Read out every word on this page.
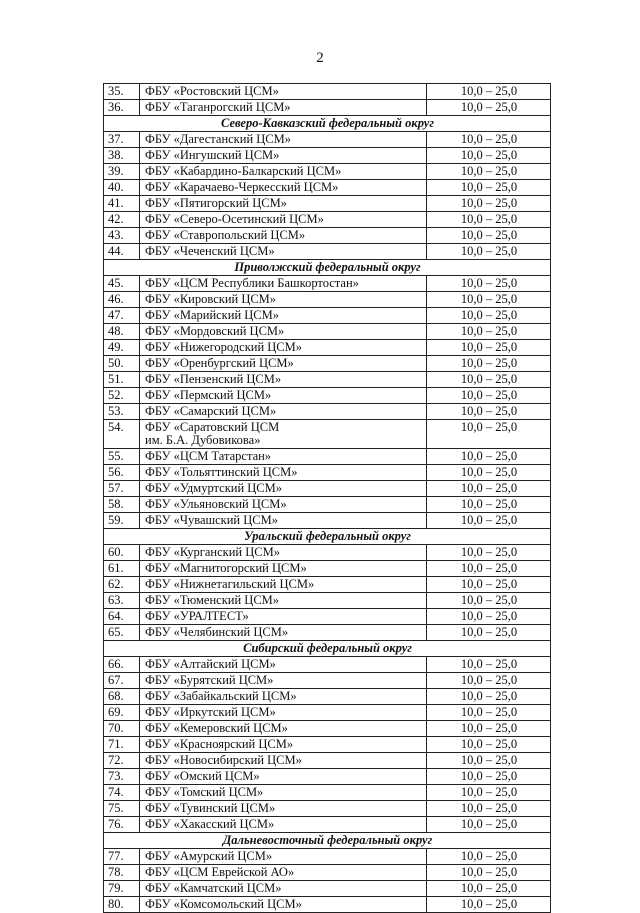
2
35.	ФБУ «Ростовский ЦСМ»	10,0 – 25,0
36.	ФБУ «Таганрогский ЦСМ»	10,0 – 25,0
Северо-Кавказский федеральный округ		
37.	ФБУ «Дагестанский ЦСМ»	10,0 – 25,0
38.	ФБУ «Ингушский ЦСМ»	10,0 – 25,0
39.	ФБУ «Кабардино-Балкарский ЦСМ»	10,0 – 25,0
40.	ФБУ «Карачаево-Черкесский ЦСМ»	10,0 – 25,0
41.	ФБУ «Пятигорский ЦСМ»	10,0 – 25,0
42.	ФБУ «Северо-Осетинский ЦСМ»	10,0 – 25,0
43.	ФБУ «Ставропольский ЦСМ»	10,0 – 25,0
44.	ФБУ «Чеченский ЦСМ»	10,0 – 25,0
Приволжский федеральный округ		
45.	ФБУ «ЦСМ Республики Башкортостан»	10,0 – 25,0
46.	ФБУ «Кировский ЦСМ»	10,0 – 25,0
47.	ФБУ «Марийский ЦСМ»	10,0 – 25,0
48.	ФБУ «Мордовский ЦСМ»	10,0 – 25,0
49.	ФБУ «Нижегородский ЦСМ»	10,0 – 25,0
50.	ФБУ «Оренбургский ЦСМ»	10,0 – 25,0
51.	ФБУ «Пензенский ЦСМ»	10,0 – 25,0
52.	ФБУ «Пермский ЦСМ»	10,0 – 25,0
53.	ФБУ «Самарский ЦСМ»	10,0 – 25,0
54.	ФБУ «Саратовский ЦСМ
им. Б.А. Дубовикова»	10,0 – 25,0
55.	ФБУ «ЦСМ Татарстан»	10,0 – 25,0
56.	ФБУ «Тольяттинский ЦСМ»	10,0 – 25,0
57.	ФБУ «Удмуртский ЦСМ»	10,0 – 25,0
58.	ФБУ «Ульяновский ЦСМ»	10,0 – 25,0
59.	ФБУ «Чувашский ЦСМ»	10,0 – 25,0
Уральский федеральный округ		
60.	ФБУ «Курганский ЦСМ»	10,0 – 25,0
61.	ФБУ «Магнитогорский ЦСМ»	10,0 – 25,0
62.	ФБУ «Нижнетагильский ЦСМ»	10,0 – 25,0
63.	ФБУ «Тюменский ЦСМ»	10,0 – 25,0
64.	ФБУ «УРАЛТЕСТ»	10,0 – 25,0
65.	ФБУ «Челябинский ЦСМ»	10,0 – 25,0
Сибирский федеральный округ		
66.	ФБУ «Алтайский ЦСМ»	10,0 – 25,0
67.	ФБУ «Бурятский ЦСМ»	10,0 – 25,0
68.	ФБУ «Забайкальский ЦСМ»	10,0 – 25,0
69.	ФБУ «Иркутский ЦСМ»	10,0 – 25,0
70.	ФБУ «Кемеровский ЦСМ»	10,0 – 25,0
71.	ФБУ «Красноярский ЦСМ»	10,0 – 25,0
72.	ФБУ «Новосибирский ЦСМ»	10,0 – 25,0
73.	ФБУ «Омский ЦСМ»	10,0 – 25,0
74.	ФБУ «Томский ЦСМ»	10,0 – 25,0
75.	ФБУ «Тувинский ЦСМ»	10,0 – 25,0
76.	ФБУ «Хакасский ЦСМ»	10,0 – 25,0
Дальневосточный федеральный округ		
77.	ФБУ «Амурский ЦСМ»	10,0 – 25,0
78.	ФБУ «ЦСМ Еврейской АО»	10,0 – 25,0
79.	ФБУ «Камчатский ЦСМ»	10,0 – 25,0
80.	ФБУ «Комсомольский ЦСМ»	10,0 – 25,0
